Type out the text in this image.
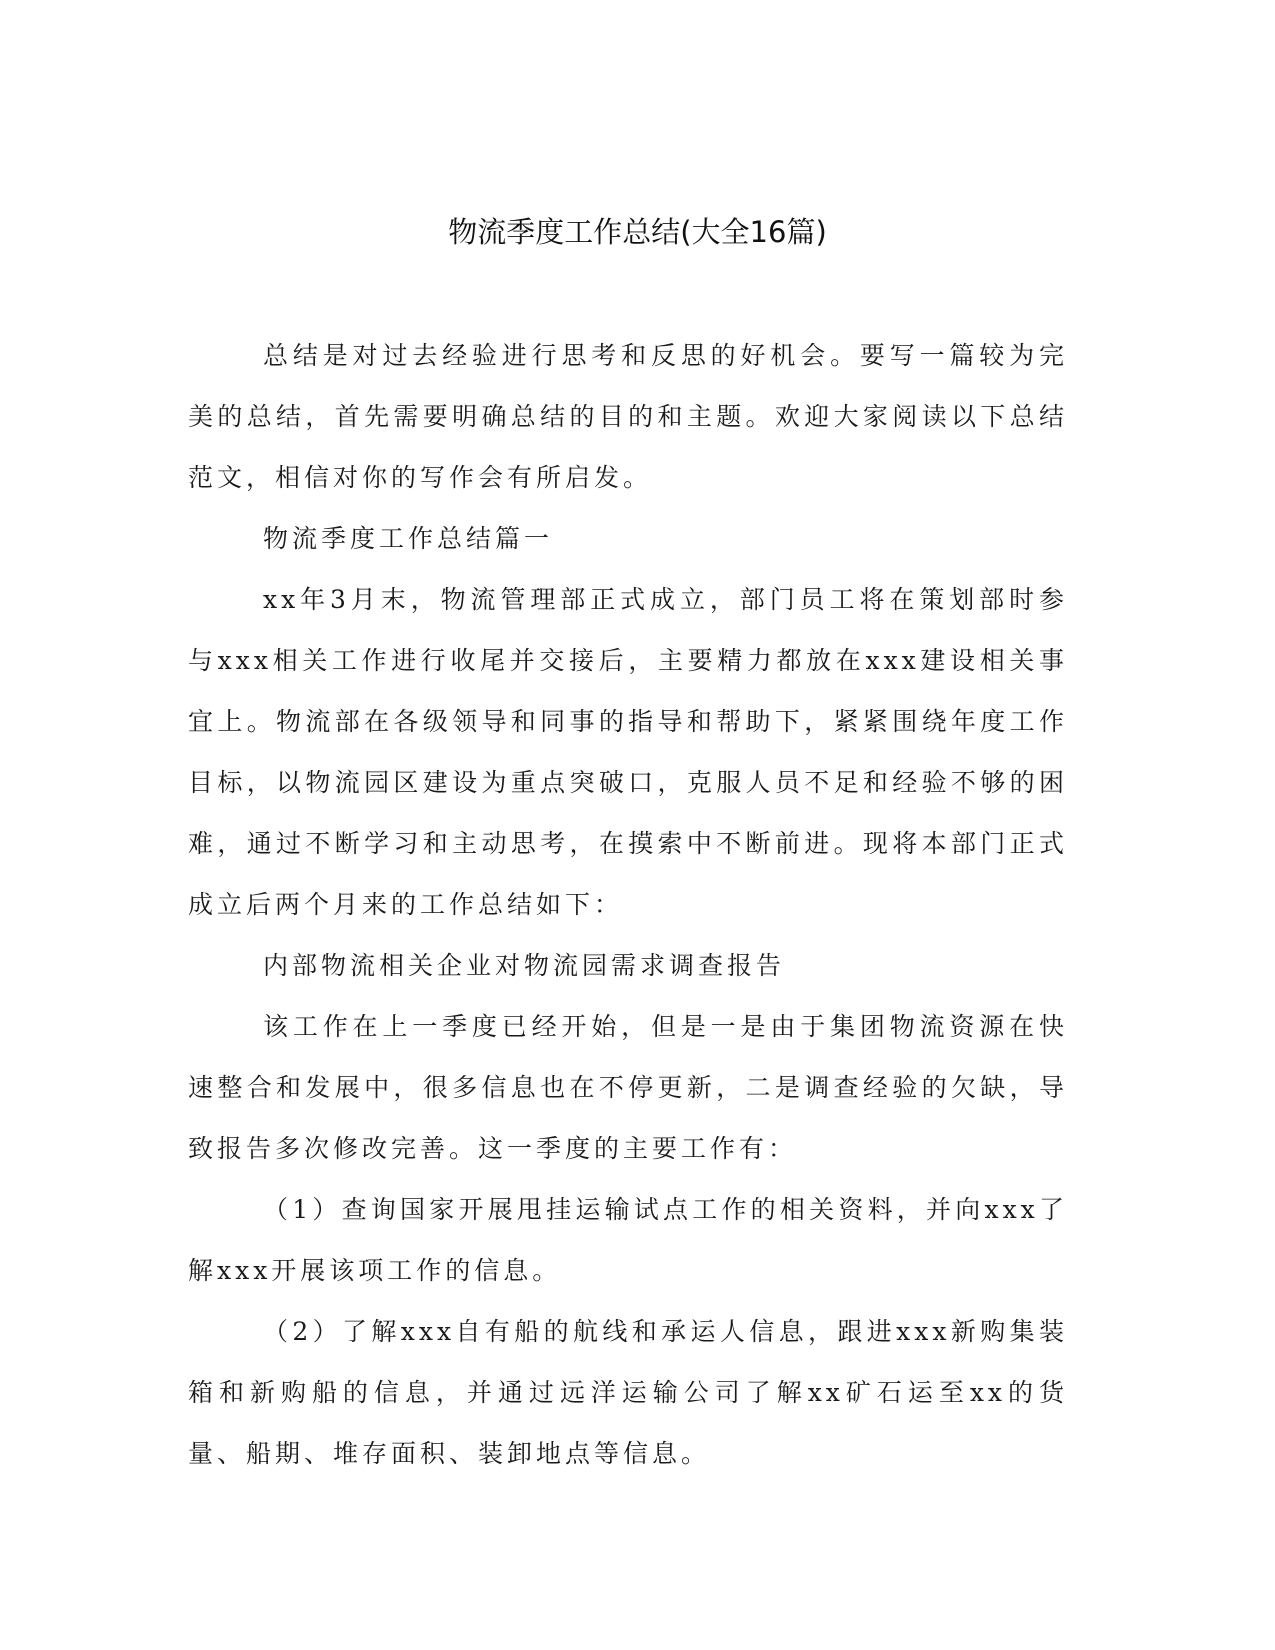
物流季度工作总结(大全16篇)

总结是对过去经验进行思考和反思的好机会。要写一篇较为完美的总结，首先需要明确总结的目的和主题。欢迎大家阅读以下总结范文，相信对你的写作会有所启发。

物流季度工作总结篇一

xx年3月末，物流管理部正式成立，部门员工将在策划部时参与xxx相关工作进行收尾并交接后，主要精力都放在xxx建设相关事宜上。物流部在各级领导和同事的指导和帮助下，紧紧围绕年度工作目标，以物流园区建设为重点突破口，克服人员不足和经验不够的困难，通过不断学习和主动思考，在摸索中不断前进。现将本部门正式成立后两个月来的工作总结如下：

内部物流相关企业对物流园需求调查报告

该工作在上一季度已经开始，但是一是由于集团物流资源在快速整合和发展中，很多信息也在不停更新，二是调查经验的欠缺，导致报告多次修改完善。这一季度的主要工作有：

（1）查询国家开展甩挂运输试点工作的相关资料，并向xxx了解xxx开展该项工作的信息。

（2）了解xxx自有船的航线和承运人信息，跟进xxx新购集装箱和新购船的信息，并通过远洋运输公司了解xx矿石运至xx的货量、船期、堆存面积、装卸地点等信息。
